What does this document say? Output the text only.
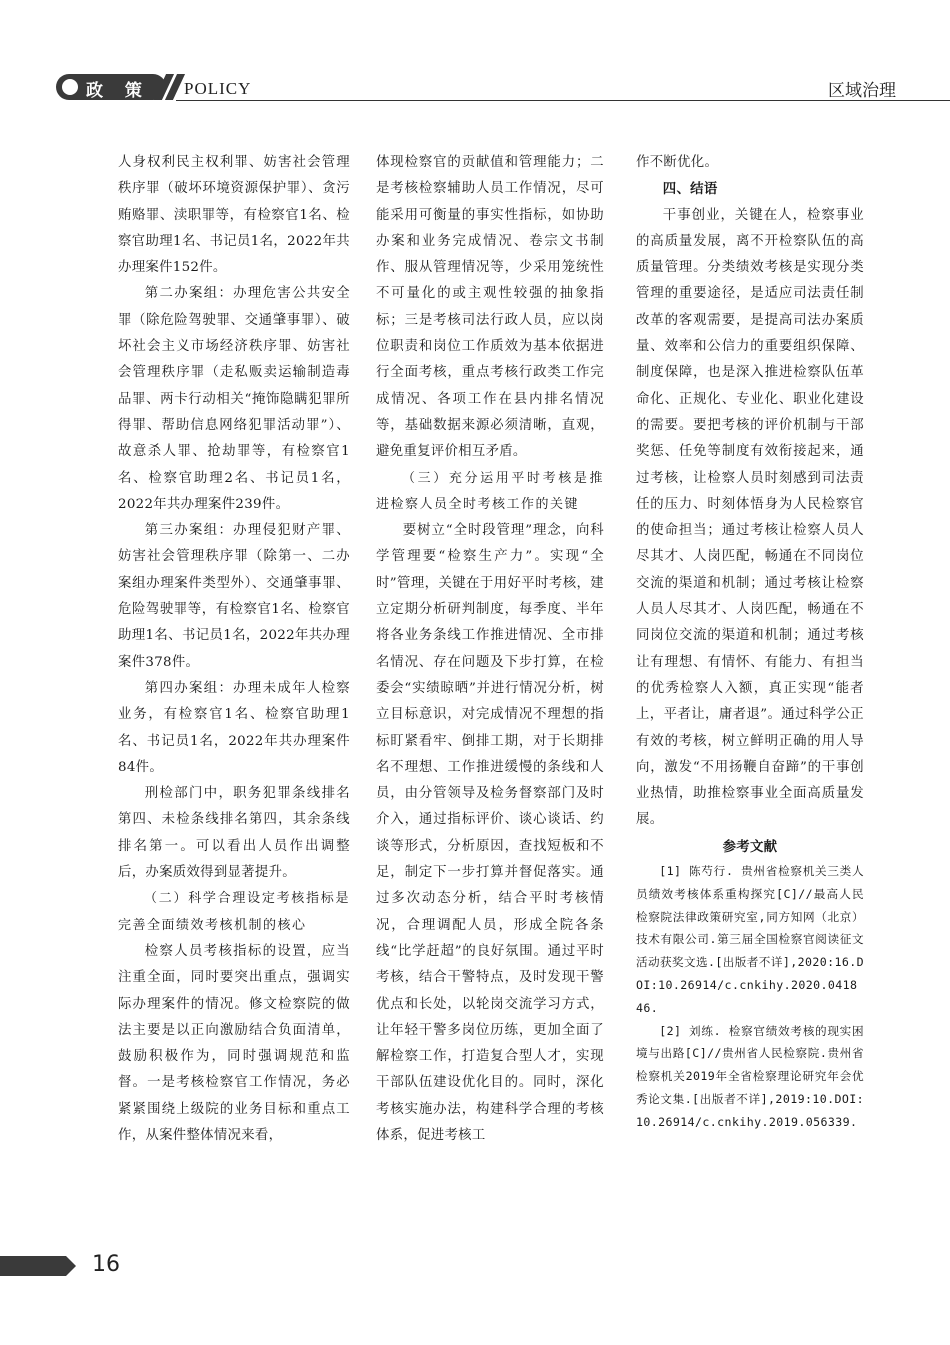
政 策 POLICY	区域治理

人身权利民主权利罪、妨害社会管理秩序罪（破坏环境资源保护罪）、贪污贿赂罪、渎职罪等，有检察官1名、检察官助理1名、书记员1名，2022年共办理案件152件。

第二办案组：办理危害公共安全罪（除危险驾驶罪、交通肇事罪）、破坏社会主义市场经济秩序罪、妨害社会管理秩序罪（走私贩卖运输制造毒品罪、两卡行动相关“掩饰隐瞒犯罪所得罪、帮助信息网络犯罪活动罪”）、故意杀人罪、抢劫罪等，有检察官1名、检察官助理2名、书记员1名，2022年共办理案件239件。

第三办案组：办理侵犯财产罪、妨害社会管理秩序罪（除第一、二办案组办理案件类型外）、交通肇事罪、危险驾驶罪等，有检察官1名、检察官助理1名、书记员1名，2022年共办理案件378件。

第四办案组：办理未成年人检察业务，有检察官1名、检察官助理1名、书记员1名，2022年共办理案件84件。

刑检部门中，职务犯罪条线排名第四、未检条线排名第四，其余条线排名第一。可以看出人员作出调整后，办案质效得到显著提升。

（二）科学合理设定考核指标是完善全面绩效考核机制的核心

检察人员考核指标的设置，应当注重全面，同时要突出重点，强调实际办理案件的情况。修文检察院的做法主要是以正向激励结合负面清单，鼓励积极作为，同时强调规范和监督。一是考核检察官工作情况，务必紧紧围绕上级院的业务目标和重点工作，从案件整体情况来看，

体现检察官的贡献值和管理能力；二是考核检察辅助人员工作情况，尽可能采用可衡量的事实性指标，如协助办案和业务完成情况、卷宗文书制作、服从管理情况等，少采用笼统性不可量化的或主观性较强的抽象指标；三是考核司法行政人员，应以岗位职责和岗位工作质效为基本依据进行全面考核，重点考核行政类工作完成情况、各项工作在县内排名情况等，基础数据来源必须清晰，直观，避免重复评价相互矛盾。

（三）充分运用平时考核是推进检察人员全时考核工作的关键

要树立“全时段管理”理念，向科学管理要“检察生产力”。实现“全时”管理，关键在于用好平时考核，建立定期分析研判制度，每季度、半年将各业务条线工作推进情况、全市排名情况、存在问题及下步打算，在检委会“实绩晾晒”并进行情况分析，树立目标意识，对完成情况不理想的指标盯紧看牢、倒排工期，对于长期排名不理想、工作推进缓慢的条线和人员，由分管领导及检务督察部门及时介入，通过指标评价、谈心谈话、约谈等形式，分析原因，查找短板和不足，制定下一步打算并督促落实。通过多次动态分析，结合平时考核情况，合理调配人员，形成全院各条线“比学赶超”的良好氛围。通过平时考核，结合干警特点，及时发现干警优点和长处，以轮岗交流学习方式，让年轻干警多岗位历练，更加全面了解检察工作，打造复合型人才，实现干部队伍建设优化目的。同时，深化考核实施办法，构建科学合理的考核体系，促进考核工

作不断优化。

四、结语

干事创业，关键在人，检察事业的高质量发展，离不开检察队伍的高质量管理。分类绩效考核是实现分类管理的重要途径，是适应司法责任制改革的客观需要，是提高司法办案质量、效率和公信力的重要组织保障、制度保障，也是深入推进检察队伍革命化、正规化、专业化、职业化建设的需要。要把考核的评价机制与干部奖惩、任免等制度有效衔接起来，通过考核，让检察人员时刻感到司法责任的压力、时刻体悟身为人民检察官的使命担当；通过考核让检察人员人尽其才、人岗匹配，畅通在不同岗位交流的渠道和机制；通过考核让检察人员人尽其才、人岗匹配，畅通在不同岗位交流的渠道和机制；通过考核让有理想、有情怀、有能力、有担当的优秀检察人入额，真正实现“能者上，平者让，庸者退”。通过科学公正有效的考核，树立鲜明正确的用人导向，激发“不用扬鞭自奋蹄”的干事创业热情，助推检察事业全面高质量发展。

参考文献

[1] 陈芍行. 贵州省检察机关三类人员绩效考核体系重构探究[C]//最高人民检察院法律政策研究室,同方知网（北京）技术有限公司.第三届全国检察官阅读征文活动获奖文选.[出版者不详],2020:16.DOI:10.26914/c.cnkihy.2020.041846.

[2] 刘练. 检察官绩效考核的现实困境与出路[C]//贵州省人民检察院.贵州省检察机关2019年全省检察理论研究年会优秀论文集.[出版者不详],2019:10.DOI:10.26914/c.cnkihy.2019.056339.

16
